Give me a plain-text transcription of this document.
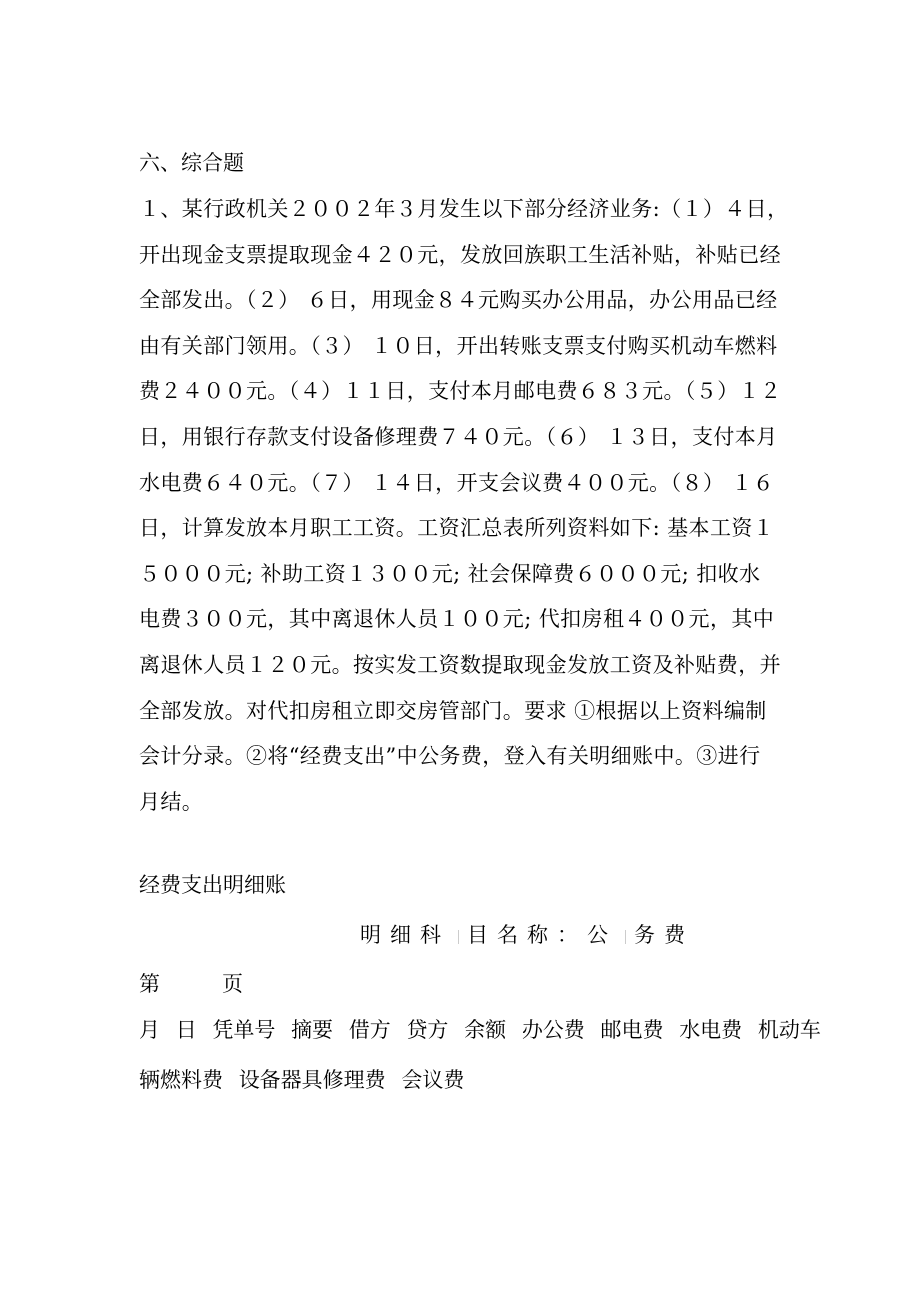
六、综合题
１、某行政机关２００２年３月发生以下部分经济业务:（１）４日，
开出现金支票提取现金４２０元，发放回族职工生活补贴，补贴已经
全部发出。（２） ６日，用现金８４元购买办公用品，办公用品已经
由有关部门领用。（３） １０日，开出转账支票支付购买机动车燃料
费２４００元。（４）１１日，支付本月邮电费６８３元。（５）１２
日，用银行存款支付设备修理费７４０元。（６） １３日，支付本月
水电费６４０元。（７） １４日，开支会议费４００元。（８） １６
日，计算发放本月职工工资。工资汇总表所列资料如下: 基本工资１
５０００元; 补助工资１３００元; 社会保障费６０００元; 扣收水
电费３００元，其中离退休人员１００元; 代扣房租４００元，其中
离退休人员１２０元。按实发工资数提取现金发放工资及补贴费，并
全部发放。对代扣房租立即交房管部门。要求 ①根据以上资料编制
会计分录。②将“经费支出”中公务费，登入有关明细账中。③进行
月结。
经费支出明细账
明细科 目名称：公 务费
第	页
月 日 凭单号 摘要 借方 贷方 余额 办公费 邮电费 水电费 机动车
辆燃料费 设备器具修理费 会议费
